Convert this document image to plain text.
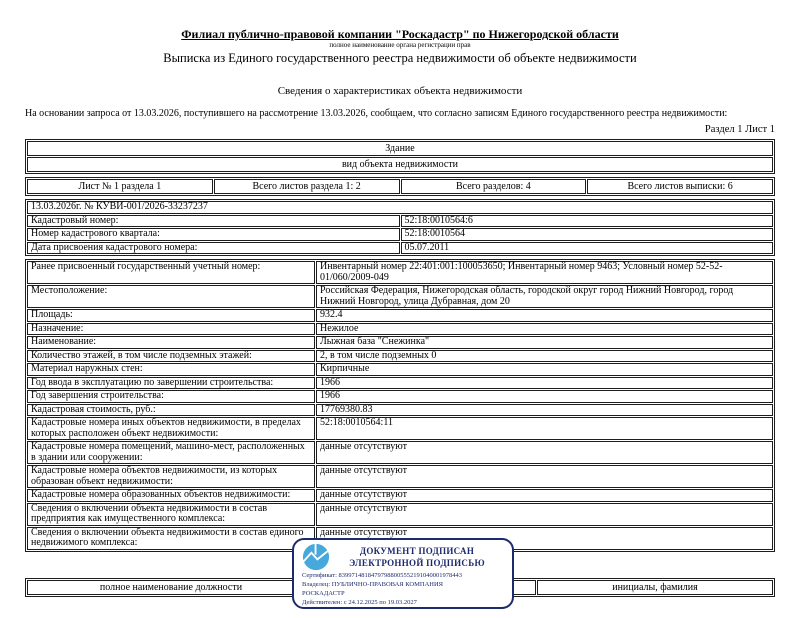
Филиал публично-правовой компании "Роскадастр" по Нижегородской области
полное наименование органа регистрации прав
Выписка из Единого государственного реестра недвижимости об объекте недвижимости
Сведения о характеристиках объекта недвижимости
На основании запроса от 13.03.2026, поступившего на рассмотрение 13.03.2026, сообщаем, что согласно записям Единого государственного реестра недвижимости:
Раздел 1 Лист 1
Здание
вид объекта недвижимости
Лист № 1 раздела 1	Всего листов раздела 1: 2	Всего разделов: 4	Всего листов выписки: 6
13.03.2026г. № КУВИ-001/2026-33237237	
Кадастровый номер:	52:18:0010564:6
Номер кадастрового квартала:	52:18:0010564
Дата присвоения кадастрового номера:	05.07.2011
Ранее присвоенный государственный учетный номер:	Инвентарный номер 22:401:001:100053650; Инвентарный номер 9463; Условный номер 52-52-01/060/2009-049
Местоположение:	Российская Федерация, Нижегородская область, городской округ город Нижний Новгород, город Нижний Новгород, улица Дубравная, дом 20
Площадь:	932.4
Назначение:	Нежилое
Наименование:	Лыжная база "Снежинка"
Количество этажей, в том числе подземных этажей:	2, в том числе подземных 0
Материал наружных стен:	Кирпичные
Год ввода в эксплуатацию по завершении строительства:	1966
Год завершения строительства:	1966
Кадастровая стоимость, руб.:	17769380.83
Кадастровые номера иных объектов недвижимости, в пределах которых расположен объект недвижимости:	52:18:0010564:11
Кадастровые номера помещений, машино-мест, расположенных в здании или сооружении:	данные отсутствуют
Кадастровые номера объектов недвижимости, из которых образован объект недвижимости:	данные отсутствуют
Кадастровые номера образованных объектов недвижимости:	данные отсутствуют
Сведения о включении объекта недвижимости в состав предприятия как имущественного комплекса:	данные отсутствуют
Сведения о включении объекта недвижимости в состав единого недвижимого комплекса:	данные отсутствуют
полное наименование должности		инициалы, фамилия
ДОКУМЕНТ ПОДПИСАН
ЭЛЕКТРОННОЙ ПОДПИСЬЮ
Сертификат: 83997148184797988005552191040001978443
Владелец: ПУБЛИЧНО-ПРАВОВАЯ КОМПАНИЯ РОСКАДАСТР
Действителен: с 24.12.2025 по 19.03.2027
